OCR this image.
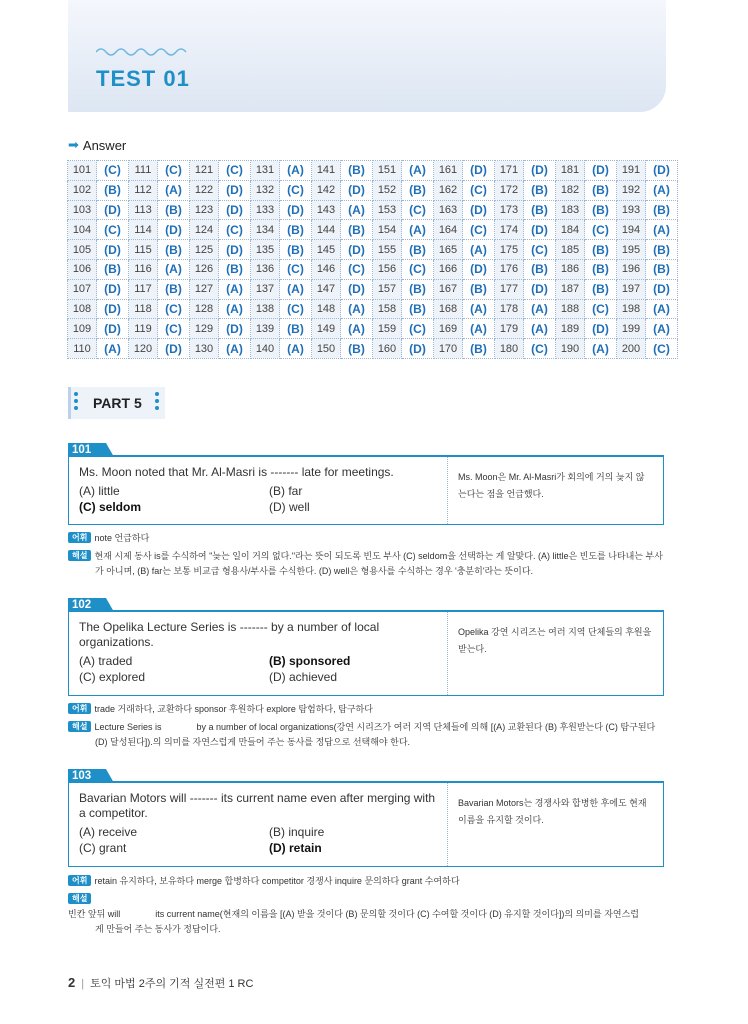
TEST 01
➡ Answer
101	(C)	111	(C)	121	(C)	131	(A)	141	(B)	151	(A)	161	(D)	171	(D)	181	(D)	191	(D)
102	(B)	112	(A)	122	(D)	132	(C)	142	(D)	152	(B)	162	(C)	172	(B)	182	(B)	192	(A)
103	(D)	113	(B)	123	(D)	133	(D)	143	(A)	153	(C)	163	(D)	173	(B)	183	(B)	193	(B)
104	(C)	114	(D)	124	(C)	134	(B)	144	(B)	154	(A)	164	(C)	174	(D)	184	(C)	194	(A)
105	(D)	115	(B)	125	(D)	135	(B)	145	(D)	155	(B)	165	(A)	175	(C)	185	(B)	195	(B)
106	(B)	116	(A)	126	(B)	136	(C)	146	(C)	156	(C)	166	(D)	176	(B)	186	(B)	196	(B)
107	(D)	117	(B)	127	(A)	137	(A)	147	(D)	157	(B)	167	(B)	177	(D)	187	(B)	197	(D)
108	(D)	118	(C)	128	(A)	138	(C)	148	(A)	158	(B)	168	(A)	178	(A)	188	(C)	198	(A)
109	(D)	119	(C)	129	(D)	139	(B)	149	(A)	159	(C)	169	(A)	179	(A)	189	(D)	199	(A)
110	(A)	120	(D)	130	(A)	140	(A)	150	(B)	160	(D)	170	(B)	180	(C)	190	(A)	200	(C)
PART 5
101
Ms. Moon noted that Mr. Al-Masri is ------- late for meetings.
(A) little	(B) far
(C) seldom	(D) well
Ms. Moon은 Mr. Al-Masri가 회의에 거의 늦지 않는다는 점을 언급했다.
어휘 note 언급하다
해설 현재 시제 동사 is를 수식하여 "늦는 일이 거의 없다."라는 뜻이 되도록 빈도 부사 (C) seldom을 선택하는 게 알맞다. (A) little은 빈도를 나타내는 부사
가 아니며, (B) far는 보통 비교급 형용사/부사를 수식한다. (D) well은 형용사를 수식하는 경우 '충분히'라는 뜻이다.
102
The Opelika Lecture Series is ------- by a number of local organizations.
(A) traded	(B) sponsored
(C) explored	(D) achieved
Opelika 강연 시리즈는 여러 지역 단체들의 후원을 받는다.
어휘 trade 거래하다, 교환하다 sponsor 후원하다 explore 탐험하다, 탐구하다
해설 Lecture Series is              by a number of local organizations(강연 시리즈가 여러 지역 단체들에 의해 [(A) 교환된다 (B) 후원받는다 (C) 탐구된다
(D) 달성된다]).의 의미를 자연스럽게 만들어 주는 동사를 정답으로 선택해야 한다.
103
Bavarian Motors will ------- its current name even after merging with a competitor.
(A) receive	(B) inquire
(C) grant	(D) retain
Bavarian Motors는 경쟁사와 합병한 후에도 현재 이름을 유지할 것이다.
어휘 retain 유지하다, 보유하다 merge 합병하다 competitor 경쟁사 inquire 문의하다 grant 수여하다
해설빈칸 앞뒤 will              its current name(현재의 이름을 [(A) 받을 것이다 (B) 문의할 것이다 (C) 수여할 것이다 (D) 유지할 것이다])의 의미를 자연스럽
게 만들어 주는 동사가 정답이다.
2 | 토익 마법 2주의 기적 실전편 1 RC
